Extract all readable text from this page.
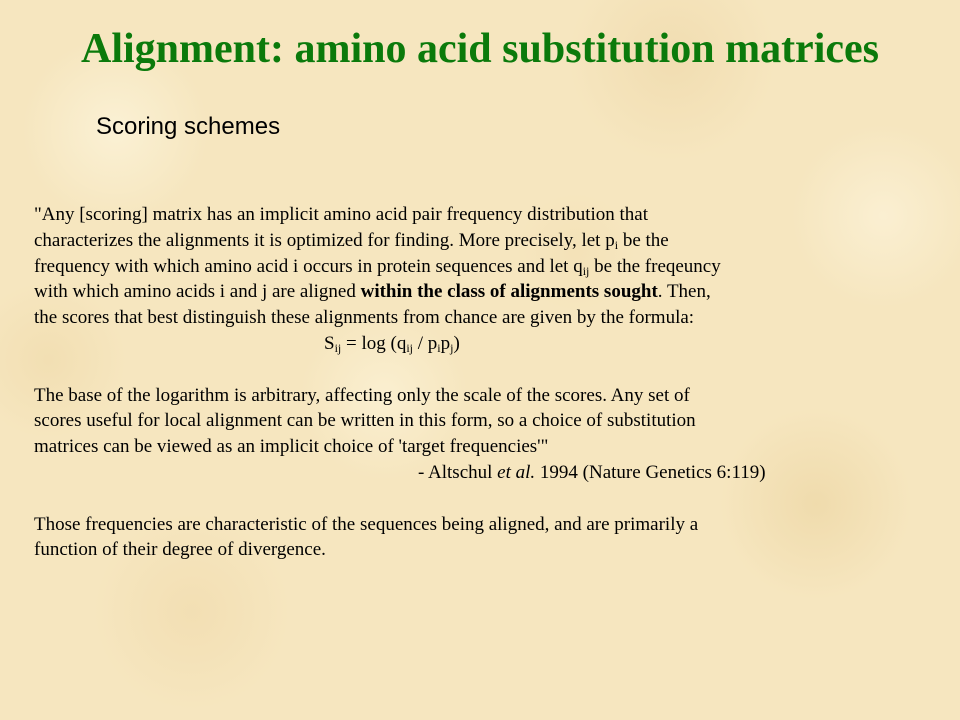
Alignment: amino acid substitution matrices
Scoring schemes

"Any [scoring] matrix has an implicit amino acid pair frequency distribution that

characterizes the alignments it is optimized for finding. More precisely, let $p_i$ be the

frequency with which amino acid i occurs in protein sequences and let $q_{ij}$ be the freqeuncy

with which amino acids i and j are aligned within the class of alignments sought. Then,

the scores that best distinguish these alignments from chance are given by the formula:

$S_{ij} = \log (q_{ij} / p_ip_j)$

The base of the logarithm is arbitrary, affecting only the scale of the scores. Any set of

scores useful for local alignment can be written in this form, so a choice of substitution

matrices can be viewed as an implicit choice of 'target frequencies'"

- Altschul et al. 1994 (Nature Genetics 6:119)

Those frequencies are characteristic of the sequences being aligned, and are primarily a

function of their degree of divergence.
